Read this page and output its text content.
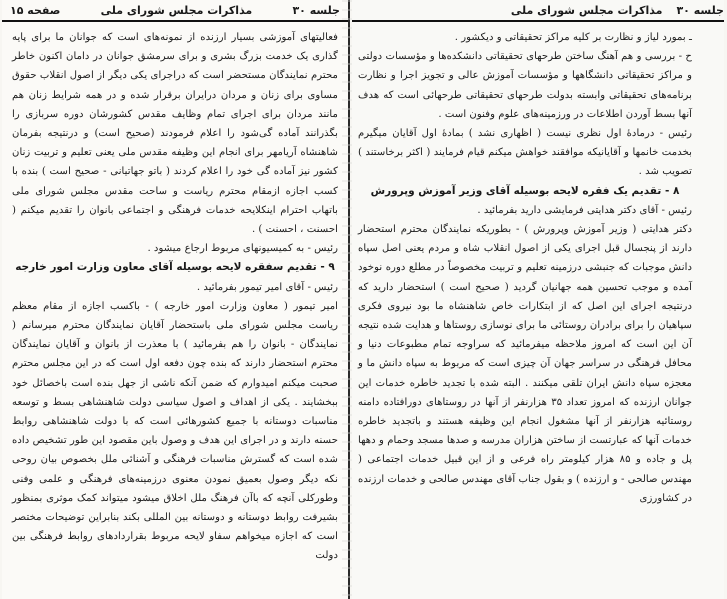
جلسه ۳۰
مذاکرات مجلس شورای ملی
صفحه ۱۵

فعالیتهای آموزشی بسیار ارزنده از نمونه‌های است که جوانان ما برای پایه گذاری یک خدمت بزرگ بشری و برای سرمشق جوانان در دامان اکنون خاطر محترم نمایندگان مستحضر است که دراجرای یکی دیگر از اصول انقلاب حقوق مساوی برای زنان و مردان درایران برقرار شده و در همه شرایط زنان هم مانند مردان برای اجرای تمام وظایف مقدس کشورشان دوره سربازی را بگذرانند آماده گی‌شود را اعلام فرمودند (صحیح است) و درنتیجه بفرمان شاهنشاه آریامهر برای انجام این وظیفه مقدس ملی یعنی تعلیم و تربیت زنان کشور نیز آماده گی خود را اعلام کردند ( باتو جهاتیانی - صحیح است ) بنده با کسب اجازه ازمقام محترم ریاست و ساحت مقدس مجلس شورای ملی باتهاب احترام اینکلایحه خدمات فرهنگی و اجتماعی بانوان را تقدیم میکنم ( احسنت ، احسنت ) .

رئیس - به کمیسیونهای مربوط ارجاع میشود .

۹ - تقدیم سفقره لایحه بوسیله آقای معاون وزارت امور خارجه

رئیس - آقای امیر تیمور بفرمائید .

امیر تیمور ( معاون وزارت امور خارجه ) - باکسب اجازه از مقام معظم ریاست مجلس شورای ملی باستحضار آقایان نمایندگان محترم میرسانم ( نمایندگان - بانوان را هم بفرمائید ) با معذرت از بانوان و آقایان نمایندگان محترم استحضار دارند که بنده چون دفعه اول است که در این مجلس محترم صحبت میکنم امیدوارم که ضمن آنکه ناشی از جهل بنده است باخصائل خود ببخشایند . یکی از اهداف و اصول سیاسی دولت شاهنشاهی بسط و توسعه مناسبات دوستانه با جمیع کشورهائی است که با دولت شاهنشاهی روابط حسنه دارند و در اجرای این هدف و وصول باین مقصود این طور تشخیص داده شده است که گسترش مناسبات فرهنگی و آشنائی ملل بخصوص بیان روحی نکه دیگر وصول بعمیق نمودن معنوی درزمینه‌های فرهنگی و علمی وفنی وطورکلی آنچه که باآن فرهنگ ملل اخلاق میشود میتواند کمک موثری بمنظور بشیرفت روابط دوستانه و دوستانه بین المللی بکند بنابراین توضیحات مختصر است که اجازه میخواهم سفاو لایحه مربوط بقراردادهای روابط فرهنگی بین دولت

جلسه ۳۰
مذاکرات مجلس شورای ملی

ـ بمورد لیاز و نظارت بر کلیه مراکز تحقیقاتی و ‎‎‎دیکشور .

ح - بررسی و هم آهنگ ساختن طرحهای تحقیقاتی دانشکده‌ها و مؤسسات دولتی و مراکز تحقیقاتی دانشگاهها و مؤسسات آموزش عالی و تجویز اجرا و نظارت برنامه‌های تحقیقاتی وابسته بدولت طرحهای تحقیقاتی طرحهائی است که هدف آنها بسط آوردن اطلاعات در ورزمینه‌های علوم وفنون است .

رئیس - درمادۀ اول نظری نیست ( اظهاری نشد ) بمادۀ اول آقایان میگیرم بخدمت خانمها و آقایانیکه موافقند خواهش میکنم قیام فرمایند ( اکثر برخاستند ) تصویب شد .

۸ - تقدیم یک فقره لایحه بوسیله آقای وزیر آموزش وپرورش

رئیس - آقای دکتر هدایتی فرمایشی دارید بفرمائید .

دکتر هدایتی ( وزیر آموزش وپرورش ) - بطوریکه نمایندگان محترم استحضار دارند از پنجسال قبل اجرای یکی از اصول انقلاب شاه و مردم یعنی اصل سپاه دانش موجبات که جنبشی درزمینه تعلیم و تربیت مخصوصاً در مطلع دوره نوخود آمده و موجب تحسین همه جهانیان گردید ( صحیح است ) استحضار دارید که درنتیجه اجرای این اصل که از ابتکارات خاص شاهنشاه ما بود نیروی فکری سپاهیان را برای برادران روستائی ما برای نوسازی روستاها و هدایت شده نتیجه آن این است که امروز ملاحظه میفرمائید که سراوجه تمام مطبوعات دنیا و محافل فرهنگی در سراسر جهان آن چیزی است که مربوط به سپاه دانش ما و معجزه سپاه دانش ایران تلقی میکنند . البته شده با تجدید خاطره خدمات این جوانان ارزنده که امروز تعداد ۳۵ هزارنفر از آنها در روستاهای دورافتاده دامنه روستائیه هزارنفر از آنها مشغول انجام این وظیفه هستند و باتجدید خاطره خدمات آنها که عبارتست از ساختن هزاران مدرسه و صدها مسجد وحمام و دهها پل و جاده و ۸۵ هزار کیلومتر راه فرعی و از این قبیل خدمات اجتماعی ( مهندس صالحی - و ارزنده ) و بقول جناب آقای مهندس صالحی و خدمات ارزنده در کشاورزی
